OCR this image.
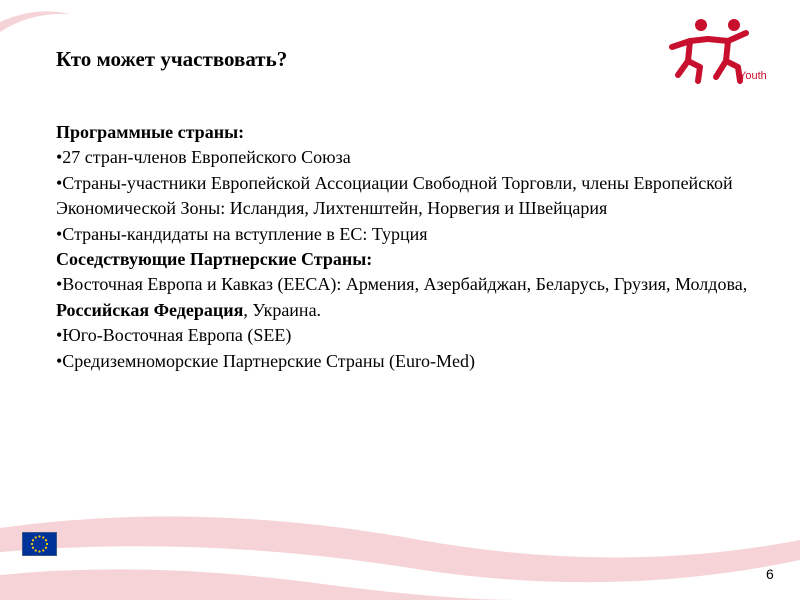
Кто может участвовать?
Youth

Программные страны:

•27 стран-членов Европейского Союза

•Страны-участники Европейской Ассоциации Свободной Торговли, члены Европейской Экономической Зоны: Исландия, Лихтенштейн, Норвегия и Швейцария

•Страны-кандидаты на вступление в ЕС: Турция

Соседствующие Партнерские Страны:

•Восточная Европа и Кавказ (EECA): Армения, Азербайджан, Беларусь, Грузия, Молдова, Российская Федерация, Украина.

•Юго-Восточная Европа (SEE)

•Средиземноморские Партнерские Страны (Euro-Med)

6
